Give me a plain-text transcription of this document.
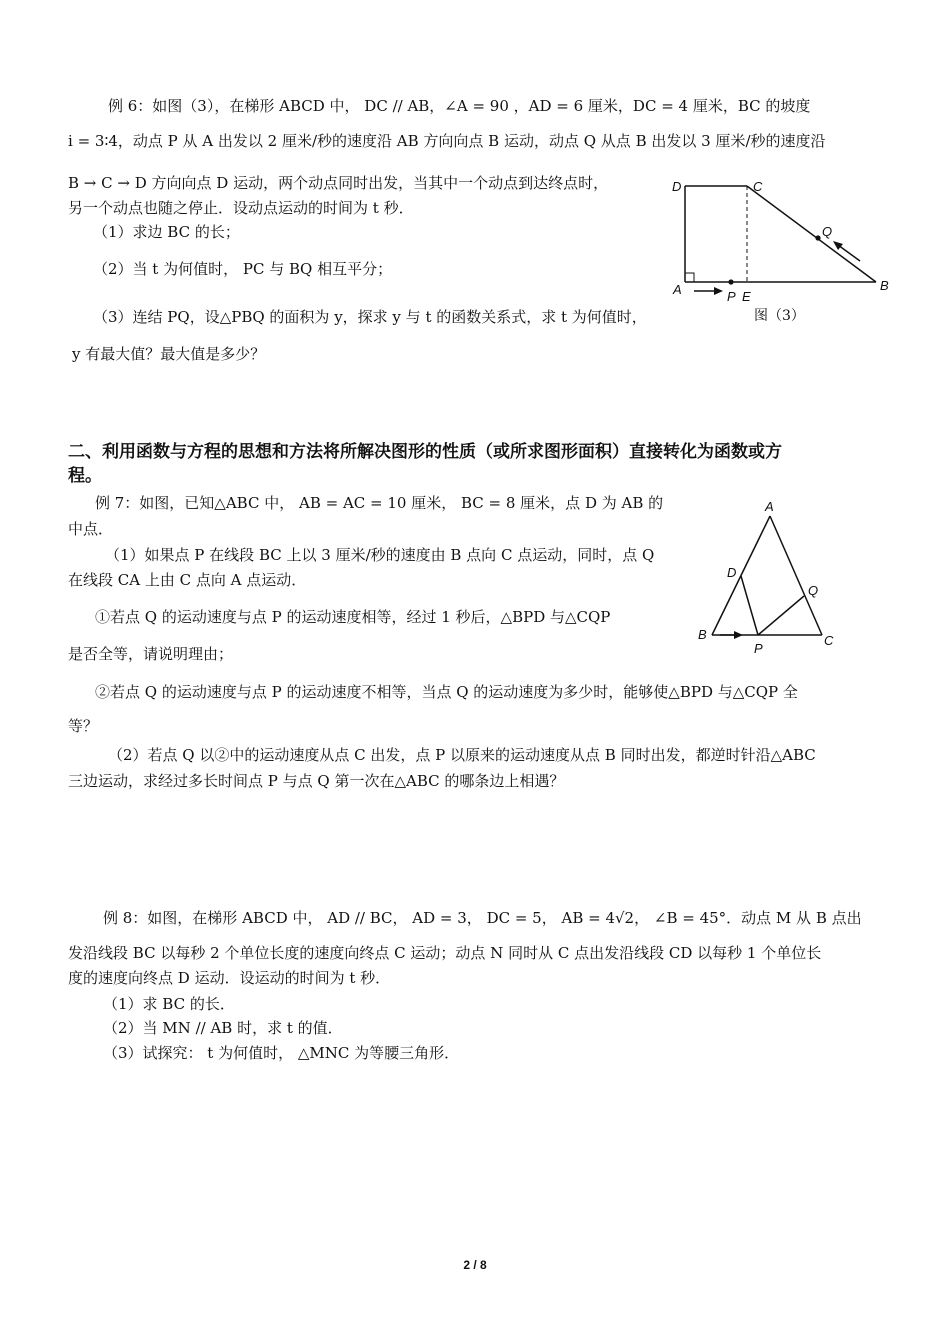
例 6：如图（3），在梯形 ABCD 中， DC // AB，∠A = 90 ，AD = 6 厘米，DC = 4 厘米，BC 的坡度
i = 3∶4，动点 P 从 A 出发以 2 厘米/秒的速度沿 AB 方向向点 B 运动，动点 Q 从点 B 出发以 3 厘米/秒的速度沿
B → C → D 方向向点 D 运动，两个动点同时出发，当其中一个动点到达终点时，
另一个动点也随之停止．设动点运动的时间为 t 秒．
（1）求边 BC 的长；
（2）当 t 为何值时， PC 与 BQ 相互平分；
（3）连结 PQ，设△PBQ 的面积为 y，探求 y 与 t 的函数关系式，求 t 为何值时，
y 有最大值？最大值是多少？
D	C
Q
A	P E
B
图（3）
二、利用函数与方程的思想和方法将所解决图形的性质（或所求图形面积）直接转化为函数或方
程。
例 7：如图，已知△ABC 中， AB = AC = 10 厘米， BC = 8 厘米，点 D 为 AB 的
中点．
（1）如果点 P 在线段 BC 上以 3 厘米/秒的速度由 B 点向 C 点运动，同时，点 Q
在线段 CA 上由 C 点向 A 点运动．
①若点 Q 的运动速度与点 P 的运动速度相等，经过 1 秒后，△BPD 与△CQP
是否全等，请说明理由；
②若点 Q 的运动速度与点 P 的运动速度不相等，当点 Q 的运动速度为多少时，能够使△BPD 与△CQP 全
等？
（2）若点 Q 以②中的运动速度从点 C 出发，点 P 以原来的运动速度从点 B 同时出发，都逆时针沿△ABC
三边运动，求经过多长时间点 P 与点 Q 第一次在△ABC 的哪条边上相遇？
A
D
Q
B
P
C
例 8：如图，在梯形 ABCD 中， AD // BC， AD = 3， DC = 5， AB = 4√2， ∠B = 45°．动点 M 从 B 点出
发沿线段 BC 以每秒 2 个单位长度的速度向终点 C 运动；动点 N 同时从 C 点出发沿线段 CD 以每秒 1 个单位长
度的速度向终点 D 运动．设运动的时间为 t 秒．
（1）求 BC 的长．
（2）当 MN // AB 时，求 t 的值．
（3）试探究： t 为何值时， △MNC 为等腰三角形．
2 / 8
